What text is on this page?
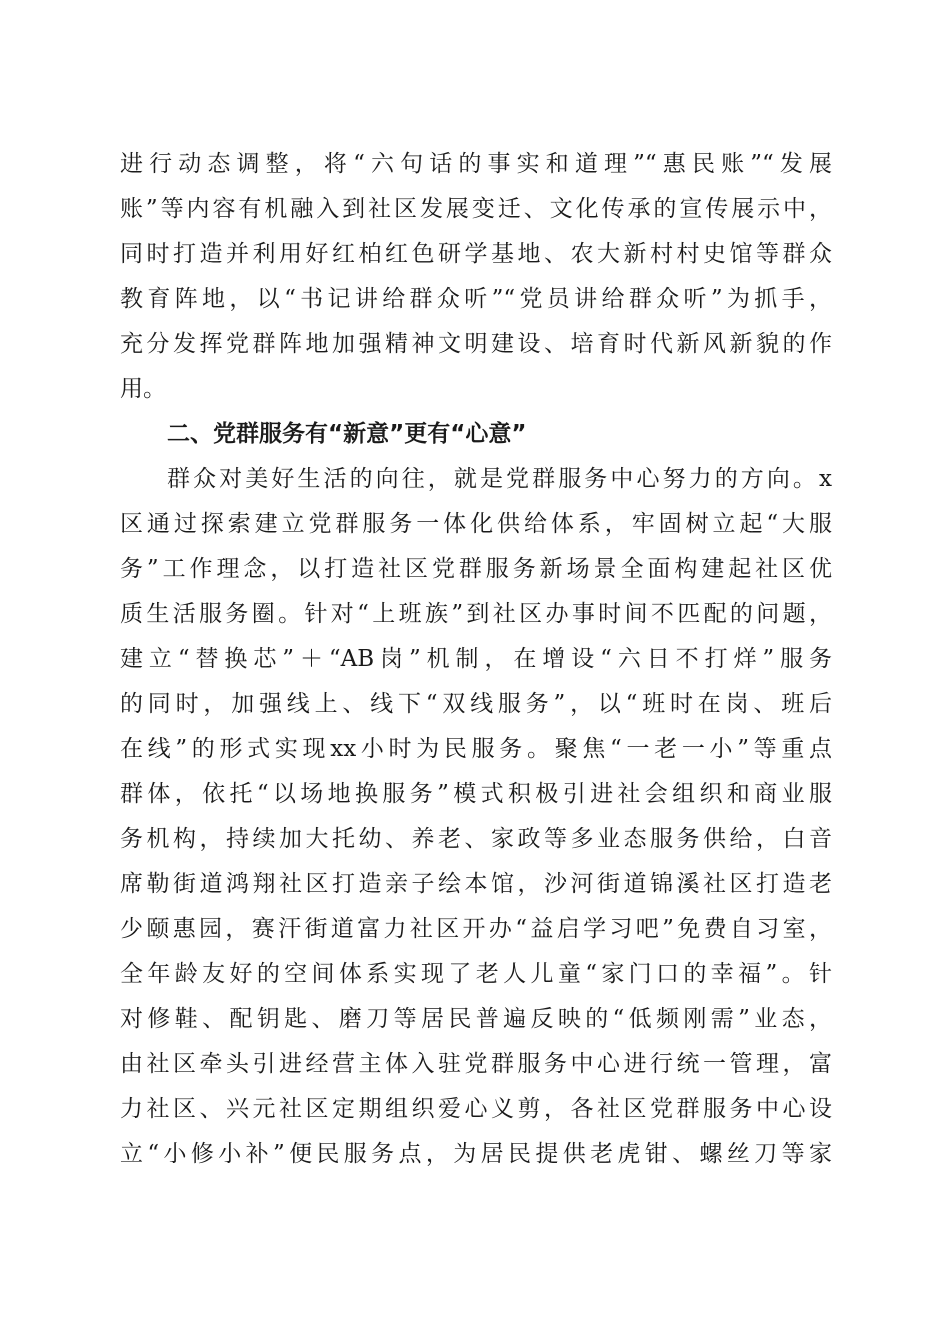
进行动态调整，将“六句话的事实和道理”“惠民账”“发展
账”等内容有机融入到社区发展变迁、文化传承的宣传展示中，
同时打造并利用好红柏红色研学基地、农大新村村史馆等群众
教育阵地，以“书记讲给群众听”“党员讲给群众听”为抓手，
充分发挥党群阵地加强精神文明建设、培育时代新风新貌的作
用。
二、党群服务有“新意”更有“心意”
群众对美好生活的向往，就是党群服务中心努力的方向。x
区通过探索建立党群服务一体化供给体系，牢固树立起“大服
务”工作理念，以打造社区党群服务新场景全面构建起社区优
质生活服务圈。针对“上班族”到社区办事时间不匹配的问题，
建立“替换芯”＋“AB岗”机制，在增设“六日不打烊”服务
的同时，加强线上、线下“双线服务”，以“班时在岗、班后
在线”的形式实现xx小时为民服务。聚焦“一老一小”等重点
群体，依托“以场地换服务”模式积极引进社会组织和商业服
务机构，持续加大托幼、养老、家政等多业态服务供给，白音
席勒街道鸿翔社区打造亲子绘本馆，沙河街道锦溪社区打造老
少颐惠园，赛汗街道富力社区开办“益启学习吧”免费自习室，
全年龄友好的空间体系实现了老人儿童“家门口的幸福”。针
对修鞋、配钥匙、磨刀等居民普遍反映的“低频刚需”业态，
由社区牵头引进经营主体入驻党群服务中心进行统一管理，富
力社区、兴元社区定期组织爱心义剪，各社区党群服务中心设
立“小修小补”便民服务点，为居民提供老虎钳、螺丝刀等家
